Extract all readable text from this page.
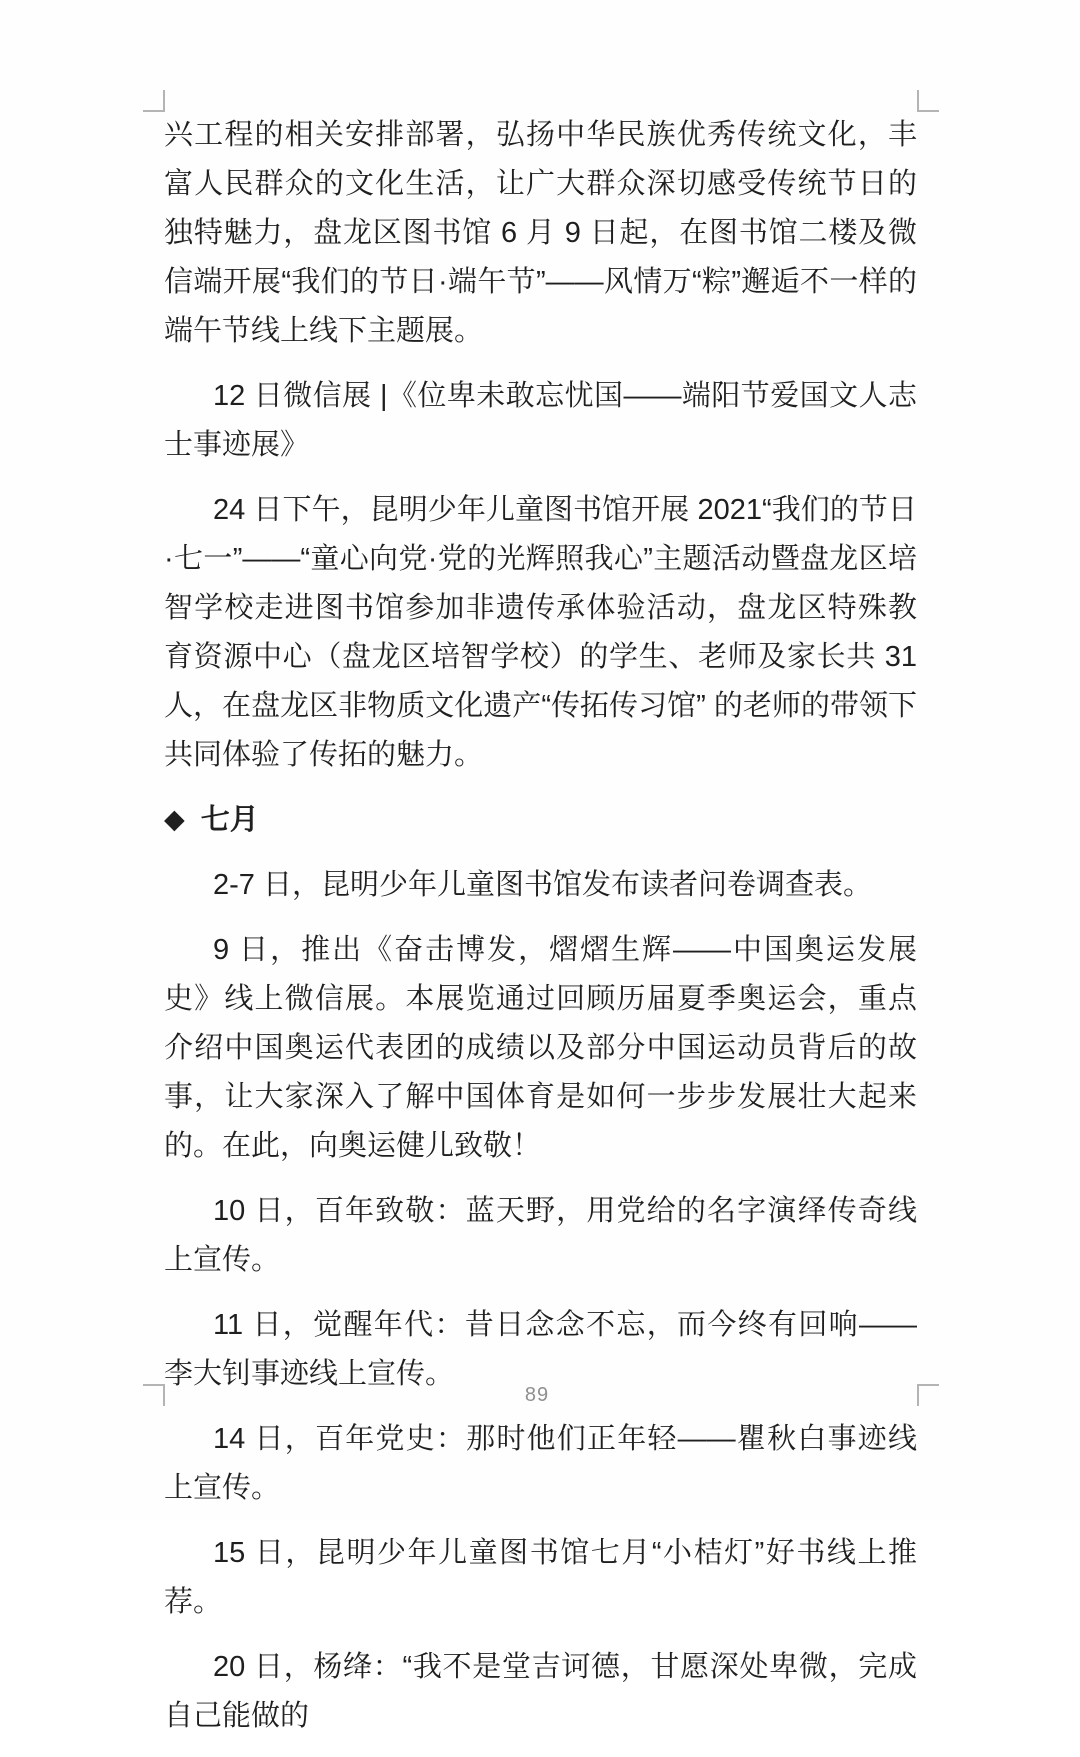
兴工程的相关安排部署，弘扬中华民族优秀传统文化，丰富人民群众的文化生活，让广大群众深切感受传统节日的独特魅力，盘龙区图书馆 6 月 9 日起，在图书馆二楼及微信端开展“我们的节日·端午节”——风情万“粽”邂逅不一样的端午节线上线下主题展。

12 日微信展 |《位卑未敢忘忧国——端阳节爱国文人志士事迹展》

24 日下午，昆明少年儿童图书馆开展 2021“我们的节日·七一”——“童心向党·党的光辉照我心”主题活动暨盘龙区培智学校走进图书馆参加非遗传承体验活动，盘龙区特殊教育资源中心（盘龙区培智学校）的学生、老师及家长共 31 人，在盘龙区非物质文化遗产“传拓传习馆” 的老师的带领下共同体验了传拓的魅力。

◆ 七月

2-7 日，昆明少年儿童图书馆发布读者问卷调查表。

9 日，推出《奋击博发，熠熠生辉——中国奥运发展史》线上微信展。本展览通过回顾历届夏季奥运会，重点介绍中国奥运代表团的成绩以及部分中国运动员背后的故事，让大家深入了解中国体育是如何一步步发展壮大起来的。在此，向奥运健儿致敬！

10 日，百年致敬：蓝天野，用党给的名字演绎传奇线上宣传。

11 日，觉醒年代：昔日念念不忘，而今终有回响——李大钊事迹线上宣传。

14 日，百年党史：那时他们正年轻——瞿秋白事迹线上宣传。

15 日，昆明少年儿童图书馆七月“小桔灯”好书线上推荐。

20 日，杨绛：“我不是堂吉诃德，甘愿深处卑微，完成自己能做的

89
